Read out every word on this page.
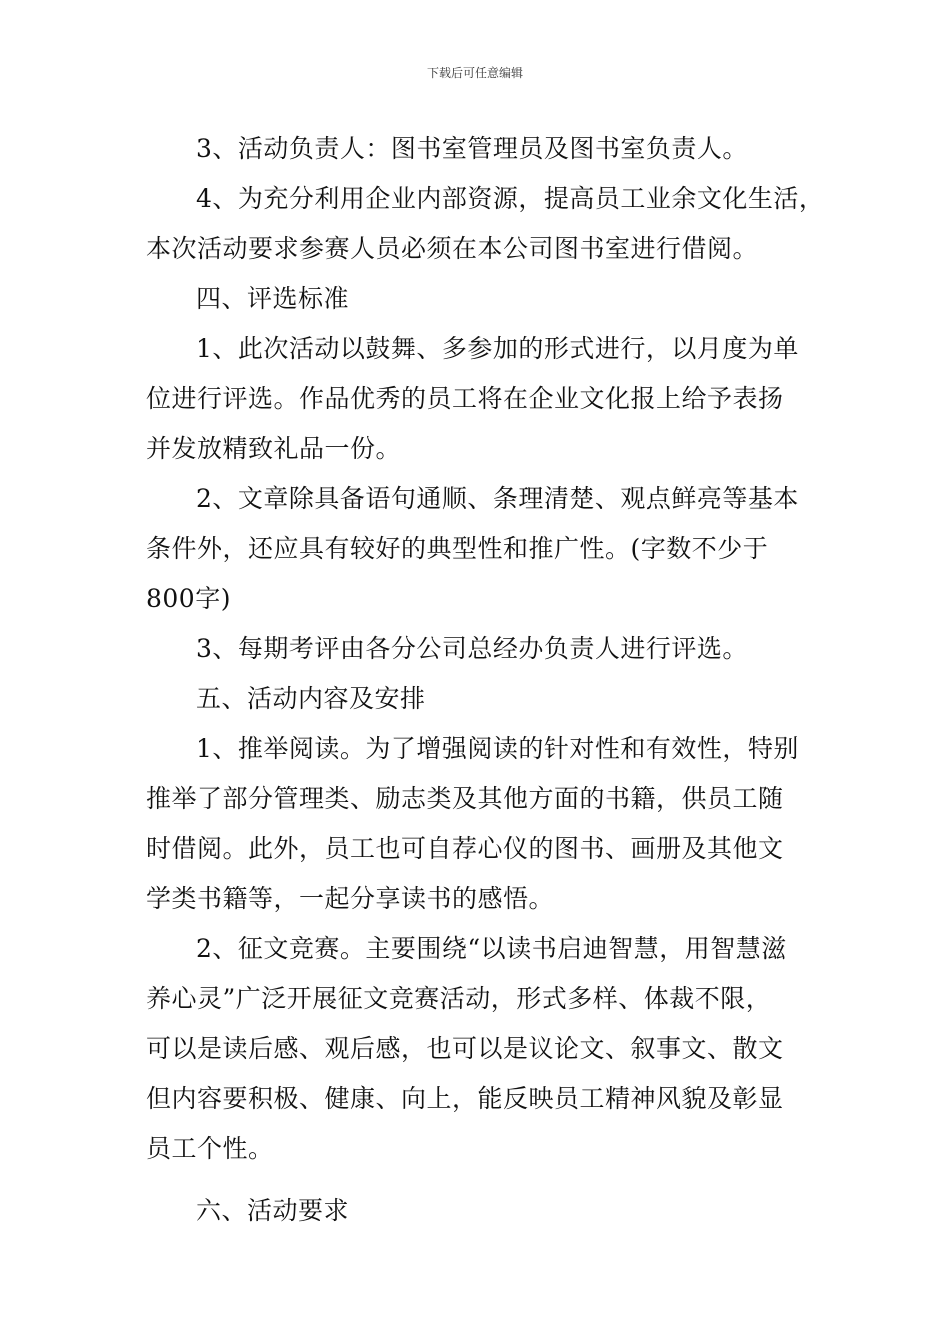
下载后可任意编辑

3、活动负责人：图书室管理员及图书室负责人。

4、为充分利用企业内部资源，提高员工业余文化生活，
本次活动要求参赛人员必须在本公司图书室进行借阅。

四、评选标准

1、此次活动以鼓舞、多参加的形式进行，以月度为单
位进行评选。作品优秀的员工将在企业文化报上给予表扬
并发放精致礼品一份。

2、文章除具备语句通顺、条理清楚、观点鲜亮等基本
条件外，还应具有较好的典型性和推广性。(字数不少于
800字)

3、每期考评由各分公司总经办负责人进行评选。

五、活动内容及安排

1、推举阅读。为了增强阅读的针对性和有效性，特别
推举了部分管理类、励志类及其他方面的书籍，供员工随
时借阅。此外，员工也可自荐心仪的图书、画册及其他文
学类书籍等，一起分享读书的感悟。

2、征文竞赛。主要围绕“以读书启迪智慧，用智慧滋
养心灵”广泛开展征文竞赛活动，形式多样、体裁不限，
可以是读后感、观后感，也可以是议论文、叙事文、散文
但内容要积极、健康、向上，能反映员工精神风貌及彰显
员工个性。

六、活动要求
